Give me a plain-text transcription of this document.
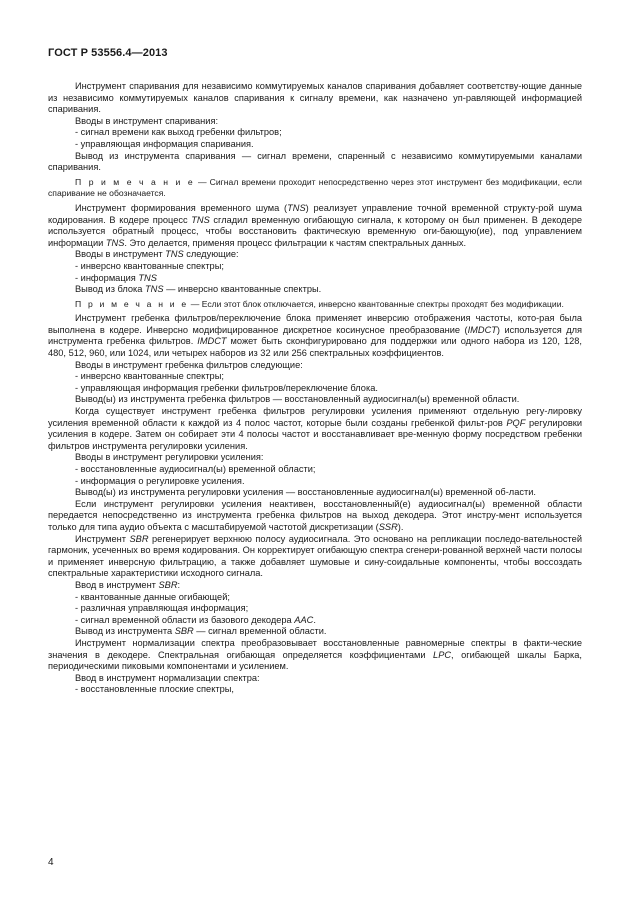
ГОСТ Р 53556.4—2013

Инструмент спаривания для независимо коммутируемых каналов спаривания добавляет соответству-ющие данные из независимо коммутируемых каналов спаривания к сигналу времени, как назначено уп-равляющей информацией спаривания.

Вводы в инструмент спаривания:

- сигнал времени как выход гребенки фильтров;

- управляющая информация спаривания.

Вывод из инструмента спаривания — сигнал времени, спаренный с независимо коммутируемыми каналами спаривания.

П р и м е ч а н и е — Сигнал времени проходит непосредственно через этот инструмент без модификации, если спаривание не обозначается.

Инструмент формирования временного шума (TNS) реализует управление точной временной структу-рой шума кодирования. В кодере процесс TNS сгладил временную огибающую сигнала, к которому он был применен. В декодере используется обратный процесс, чтобы восстановить фактическую временную оги-бающую(ие), под управлением информации TNS. Это делается, применяя процесс фильтрации к частям спектральных данных.

Вводы в инструмент TNS следующие:

- инверсно квантованные спектры;

- информация TNS

Вывод из блока TNS — инверсно квантованные спектры.

П р и м е ч а н и е — Если этот блок отключается, инверсно квантованные спектры проходят без модификации.

Инструмент гребенка фильтров/переключение блока применяет инверсию отображения частоты, кото-рая была выполнена в кодере. Инверсно модифицированное дискретное косинусное преобразование (IMDCT) используется для инструмента гребенка фильтров. IMDCT может быть сконфигурировано для поддержки или одного набора из 120, 128, 480, 512, 960, или 1024, или четырех наборов из 32 или 256 спектральных коэффициентов.

Вводы в инструмент гребенка фильтров следующие:

- инверсно квантованные спектры;

- управляющая информация гребенки фильтров/переключение блока.

Вывод(ы) из инструмента гребенка фильтров — восстановленный аудиосигнал(ы) временной области.

Когда существует инструмент гребенка фильтров регулировки усиления применяют отдельную регу-лировку усиления временной области к каждой из 4 полос частот, которые были созданы гребенкой фильт-ров PQF регулировки усиления в кодере. Затем он собирает эти 4 полосы частот и восстанавливает вре-менную форму посредством гребенки фильтров инструмента регулировки усиления.

Вводы в инструмент регулировки усиления:

- восстановленные аудиосигнал(ы) временной области;

- информация о регулировке усиления.

Вывод(ы) из инструмента регулировки усиления — восстановленные аудиосигнал(ы) временной об-ласти.

Если инструмент регулировки усиления неактивен, восстановленный(е) аудиосигнал(ы) временной области передается непосредственно из инструмента гребенка фильтров на выход декодера. Этот инстру-мент используется только для типа аудио объекта с масштабируемой частотой дискретизации (SSR).

Инструмент SBR регенерирует верхнюю полосу аудиосигнала. Это основано на репликации последо-вательностей гармоник, усеченных во время кодирования. Он корректирует огибающую спектра сгенери-рованной верхней части полосы и применяет инверсную фильтрацию, а также добавляет шумовые и сину-соидальные компоненты, чтобы воссоздать спектральные характеристики исходного сигнала.

Ввод в инструмент SBR:

- квантованные данные огибающей;

- различная управляющая информация;

- сигнал временной области из базового декодера AAC.

Вывод из инструмента SBR — сигнал временной области.

Инструмент нормализации спектра преобразовывает восстановленные равномерные спектры в факти-ческие значения в декодере. Спектральная огибающая определяется коэффициентами LPC, огибающей шкалы Барка, периодическими пиковыми компонентами и усилением.

Ввод в инструмент нормализации спектра:

- восстановленные плоские спектры,

4
